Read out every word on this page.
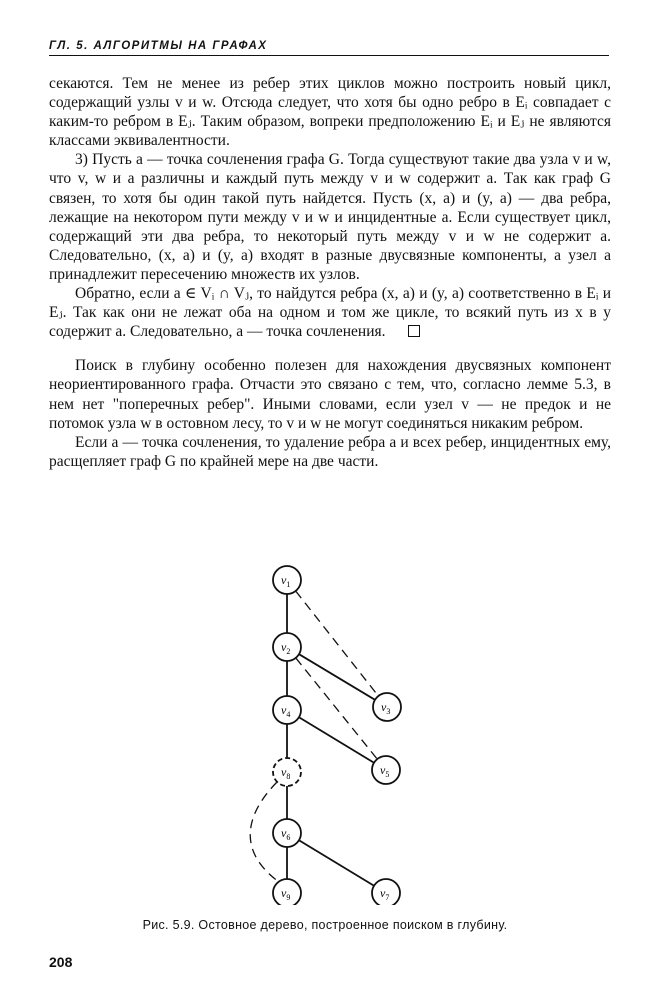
ГЛ. 5. АЛГОРИТМЫ НА ГРАФАХ

секаются. Тем не менее из ребер этих циклов можно построить новый цикл, содержащий узлы v и w. Отсюда следует, что хотя бы одно ребро в Eᵢ совпадает с каким-то ребром в Eⱼ. Таким образом, вопреки предположению Eᵢ и Eⱼ не являются классами эквивалентности.

3) Пусть a — точка сочленения графа G. Тогда существуют такие два узла v и w, что v, w и a различны и каждый путь между v и w содержит a. Так как граф G связен, то хотя бы один такой путь найдется. Пусть (x, a) и (y, a) — два ребра, лежащие на некотором пути между v и w и инцидентные a. Если существует цикл, содержащий эти два ребра, то некоторый путь между v и w не содержит a. Следовательно, (x, a) и (y, a) входят в разные двусвязные компоненты, а узел a принадлежит пересечению множеств их узлов.

Обратно, если a ∈ Vᵢ ∩ Vⱼ, то найдутся ребра (x, a) и (y, a) соответственно в Eᵢ и Eⱼ. Так как они не лежат оба на одном и том же цикле, то всякий путь из x в y содержит a. Следовательно, a — точка сочленения.

Поиск в глубину особенно полезен для нахождения двусвязных компонент неориентированного графа. Отчасти это связано с тем, что, согласно лемме 5.3, в нем нет "поперечных ребер". Иными словами, если узел v — не предок и не потомок узла w в остовном лесу, то v и w не могут соединяться никаким ребром.

Если a — точка сочленения, то удаление ребра a и всех ребер, инцидентных ему, расщепляет граф G по крайней мере на две части.

$v_1$
$v_2$
$v_3$
$v_4$
$v_5$
$v_6$
$v_7$
$v_8$
$v_9$
Рис. 5.9. Остовное дерево, построенное поиском в глубину.
208
